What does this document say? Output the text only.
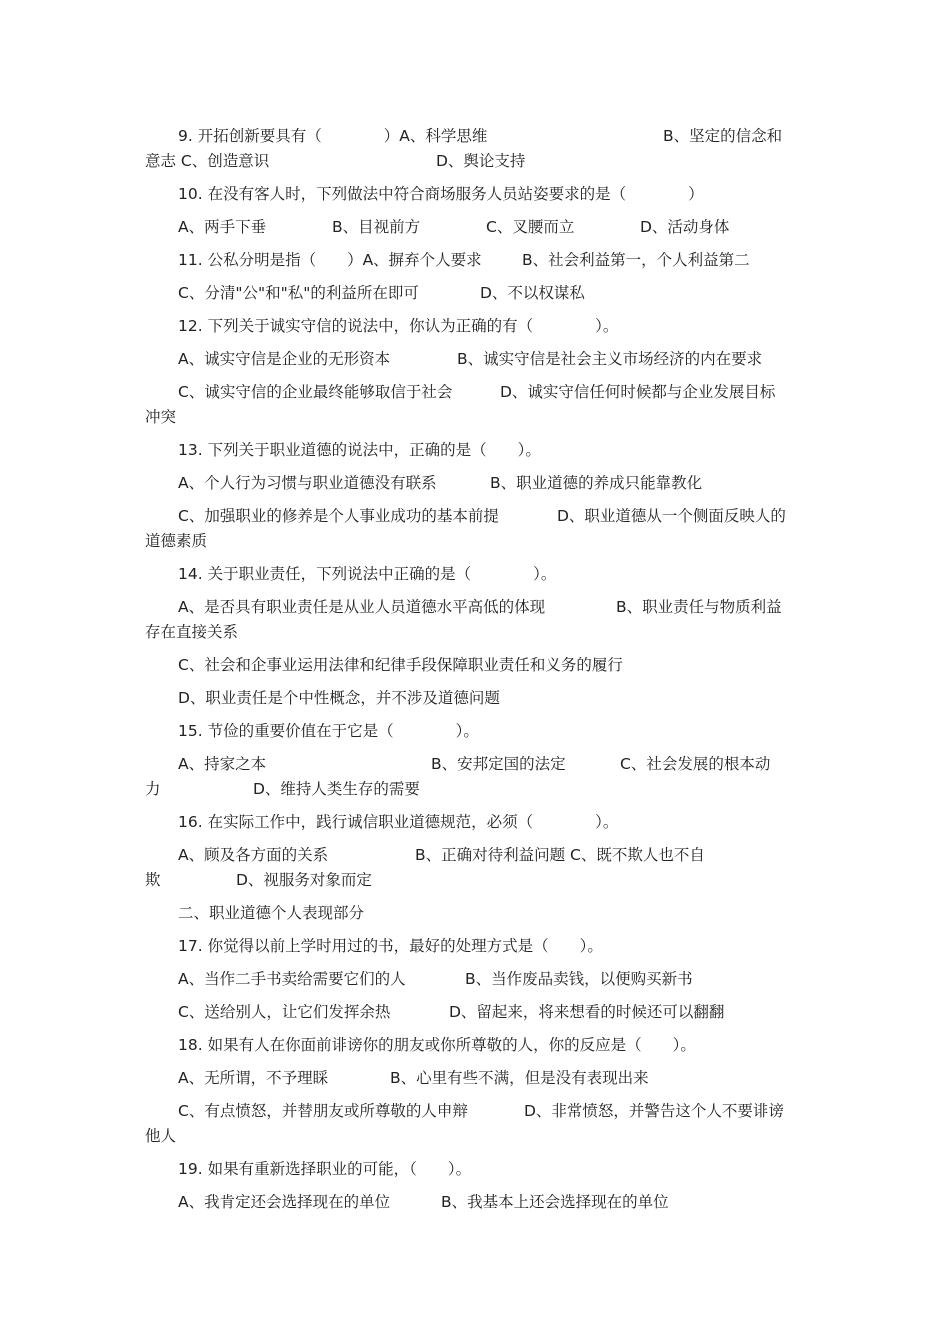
9. 开拓创新要具有（　　　　）A、科学思维	B、坚定的信念和
意志 C、创造意识	D、舆论支持
10. 在没有客人时，下列做法中符合商场服务人员站姿要求的是（　　　　）
A、两手下垂	B、目视前方	C、叉腰而立	D、活动身体
11. 公私分明是指（　　）A、摒弃个人要求	B、社会利益第一，个人利益第二
C、分清"公"和"私"的利益所在即可	D、不以权谋私
12. 下列关于诚实守信的说法中，你认为正确的有（　　　　）。
A、诚实守信是企业的无形资本	B、诚实守信是社会主义市场经济的内在要求
C、诚实守信的企业最终能够取信于社会	D、诚实守信任何时候都与企业发展目标
冲突
13. 下列关于职业道德的说法中，正确的是（　　）。
A、个人行为习惯与职业道德没有联系	B、职业道德的养成只能靠教化
C、加强职业的修养是个人事业成功的基本前提	D、职业道德从一个侧面反映人的
道德素质
14. 关于职业责任，下列说法中正确的是（　　　　）。
A、是否具有职业责任是从业人员道德水平高低的体现	B、职业责任与物质利益
存在直接关系
C、社会和企事业运用法律和纪律手段保障职业责任和义务的履行
D、职业责任是个中性概念，并不涉及道德问题
15. 节俭的重要价值在于它是（　　　　）。
A、持家之本	B、安邦定国的法定	C、社会发展的根本动
力	D、维持人类生存的需要
16. 在实际工作中，践行诚信职业道德规范，必须（　　　　）。
A、顾及各方面的关系	B、正确对待利益问题 C、既不欺人也不自
欺	D、视服务对象而定
二、职业道德个人表现部分
17. 你觉得以前上学时用过的书，最好的处理方式是（　　）。
A、当作二手书卖给需要它们的人	B、当作废品卖钱，以便购买新书
C、送给别人，让它们发挥余热	D、留起来，将来想看的时候还可以翻翻
18. 如果有人在你面前诽谤你的朋友或你所尊敬的人，你的反应是（　　）。
A、无所谓，不予理睬	B、心里有些不满，但是没有表现出来
C、有点愤怒，并替朋友或所尊敬的人申辩	D、非常愤怒，并警告这个人不要诽谤
他人
19. 如果有重新选择职业的可能，（　　）。
A、我肯定还会选择现在的单位	B、我基本上还会选择现在的单位
